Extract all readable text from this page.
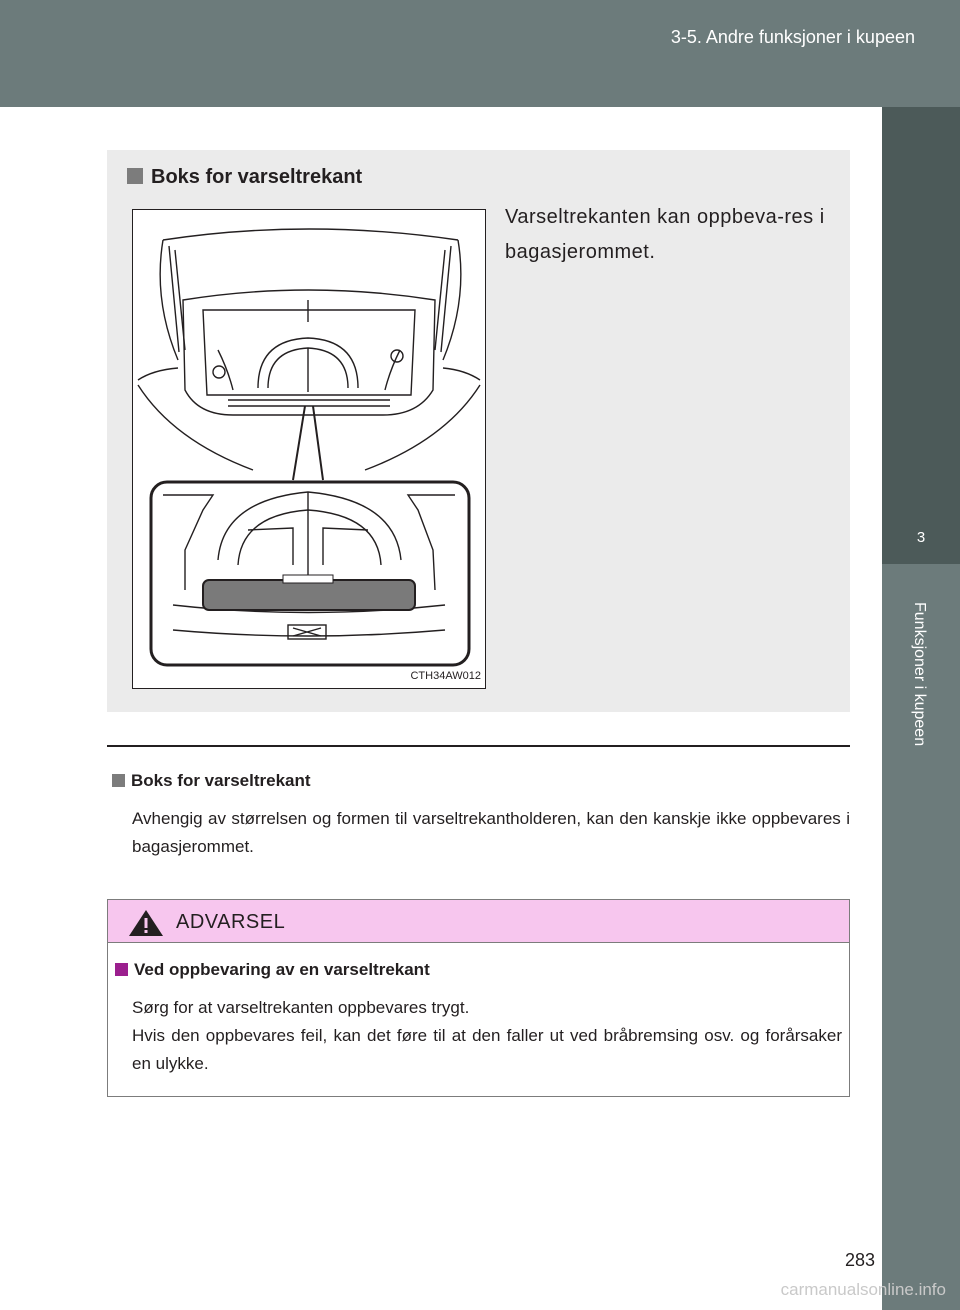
3-5. Andre funksjoner i kupeen
3
Funksjoner i kupeen
Boks for varseltrekant
Varseltrekanten kan oppbeva-res i bagasjerommet.
CTH34AW012
Boks for varseltrekant
Avhengig av størrelsen og formen til varseltrekantholderen, kan den kanskje ikke oppbevares i bagasjerommet.
ADVARSEL
Ved oppbevaring av en varseltrekant
Sørg for at varseltrekanten oppbevares trygt.
Hvis den oppbevares feil, kan det føre til at den faller ut ved bråbremsing osv. og forårsaker en ulykke.
283
carmanualsonline.info
